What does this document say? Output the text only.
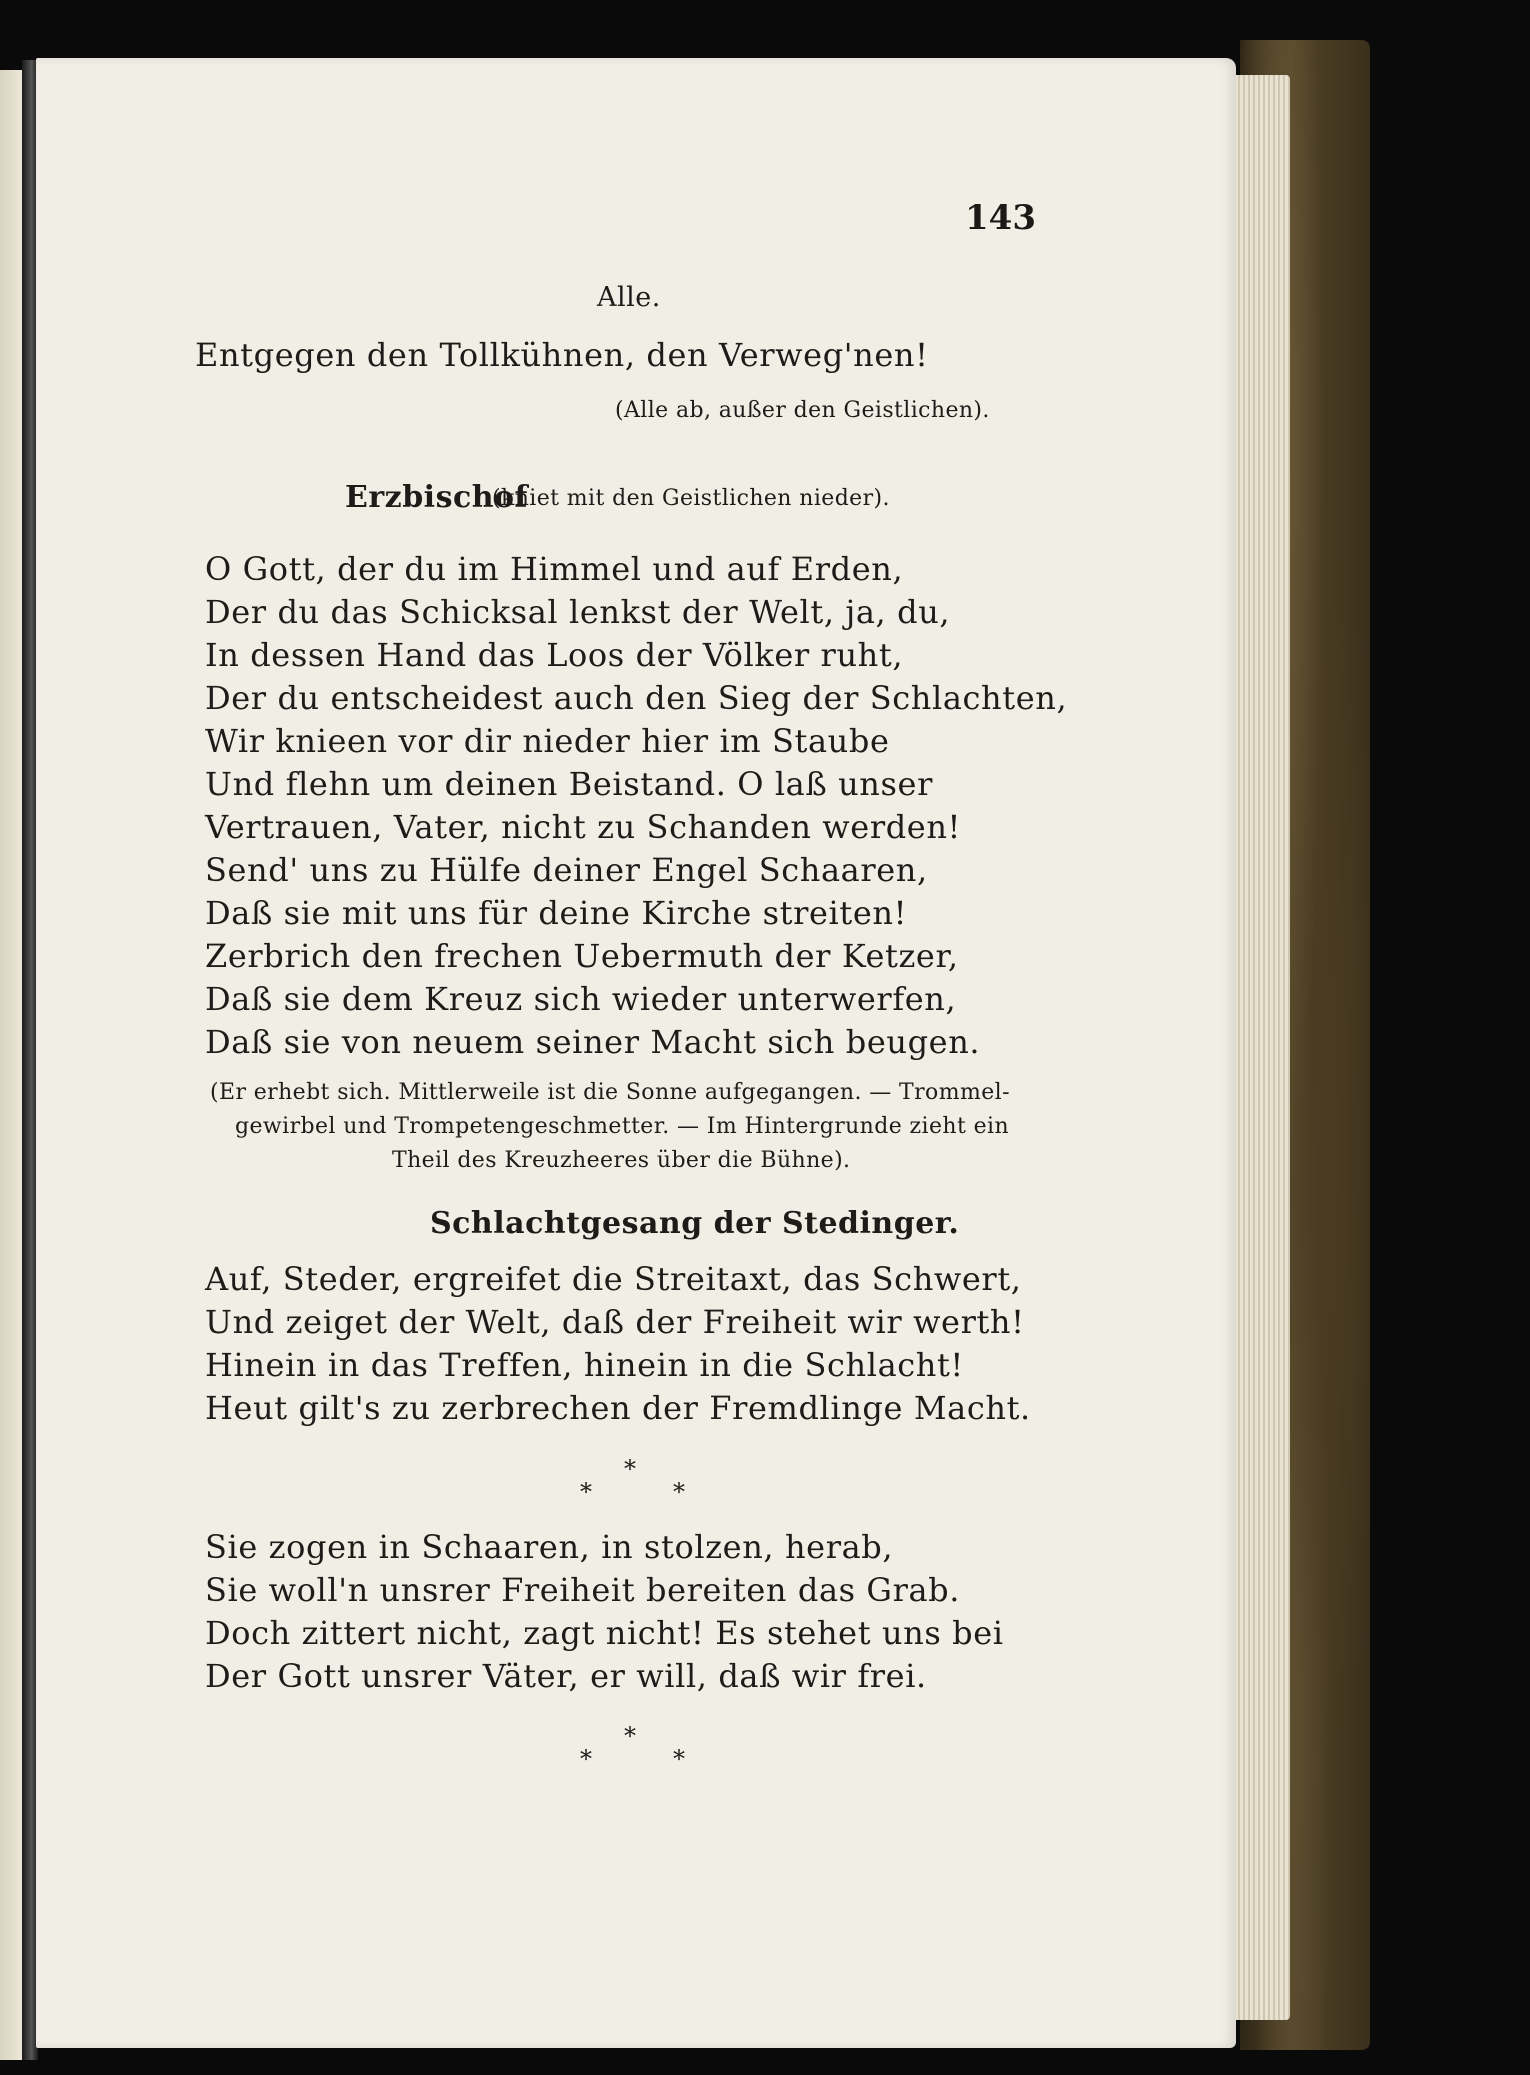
143
Alle.
Entgegen den Tollkühnen, den Verweg'nen!
(Alle ab, außer den Geistlichen).
Erzbischof
(kniet mit den Geistlichen nieder).
O Gott, der du im Himmel und auf Erden,
Der du das Schicksal lenkst der Welt, ja, du,
In dessen Hand das Loos der Völker ruht,
Der du entscheidest auch den Sieg der Schlachten,
Wir knieen vor dir nieder hier im Staube
Und flehn um deinen Beistand. O laß unser
Vertrauen, Vater, nicht zu Schanden werden!
Send' uns zu Hülfe deiner Engel Schaaren,
Daß sie mit uns für deine Kirche streiten!
Zerbrich den frechen Uebermuth der Ketzer,
Daß sie dem Kreuz sich wieder unterwerfen,
Daß sie von neuem seiner Macht sich beugen.
(Er erhebt sich. Mittlerweile ist die Sonne aufgegangen. — Trommel-
gewirbel und Trompetengeschmetter. — Im Hintergrunde zieht ein
Theil des Kreuzheeres über die Bühne).
Schlachtgesang der Stedinger.
Auf, Steder, ergreifet die Streitaxt, das Schwert,
Und zeiget der Welt, daß der Freiheit wir werth!
Hinein in das Treffen, hinein in die Schlacht!
Heut gilt's zu zerbrechen der Fremdlinge Macht.
*
*	*
Sie zogen in Schaaren, in stolzen, herab,
Sie woll'n unsrer Freiheit bereiten das Grab.
Doch zittert nicht, zagt nicht! Es stehet uns bei
Der Gott unsrer Väter, er will, daß wir frei.
*
*	*
